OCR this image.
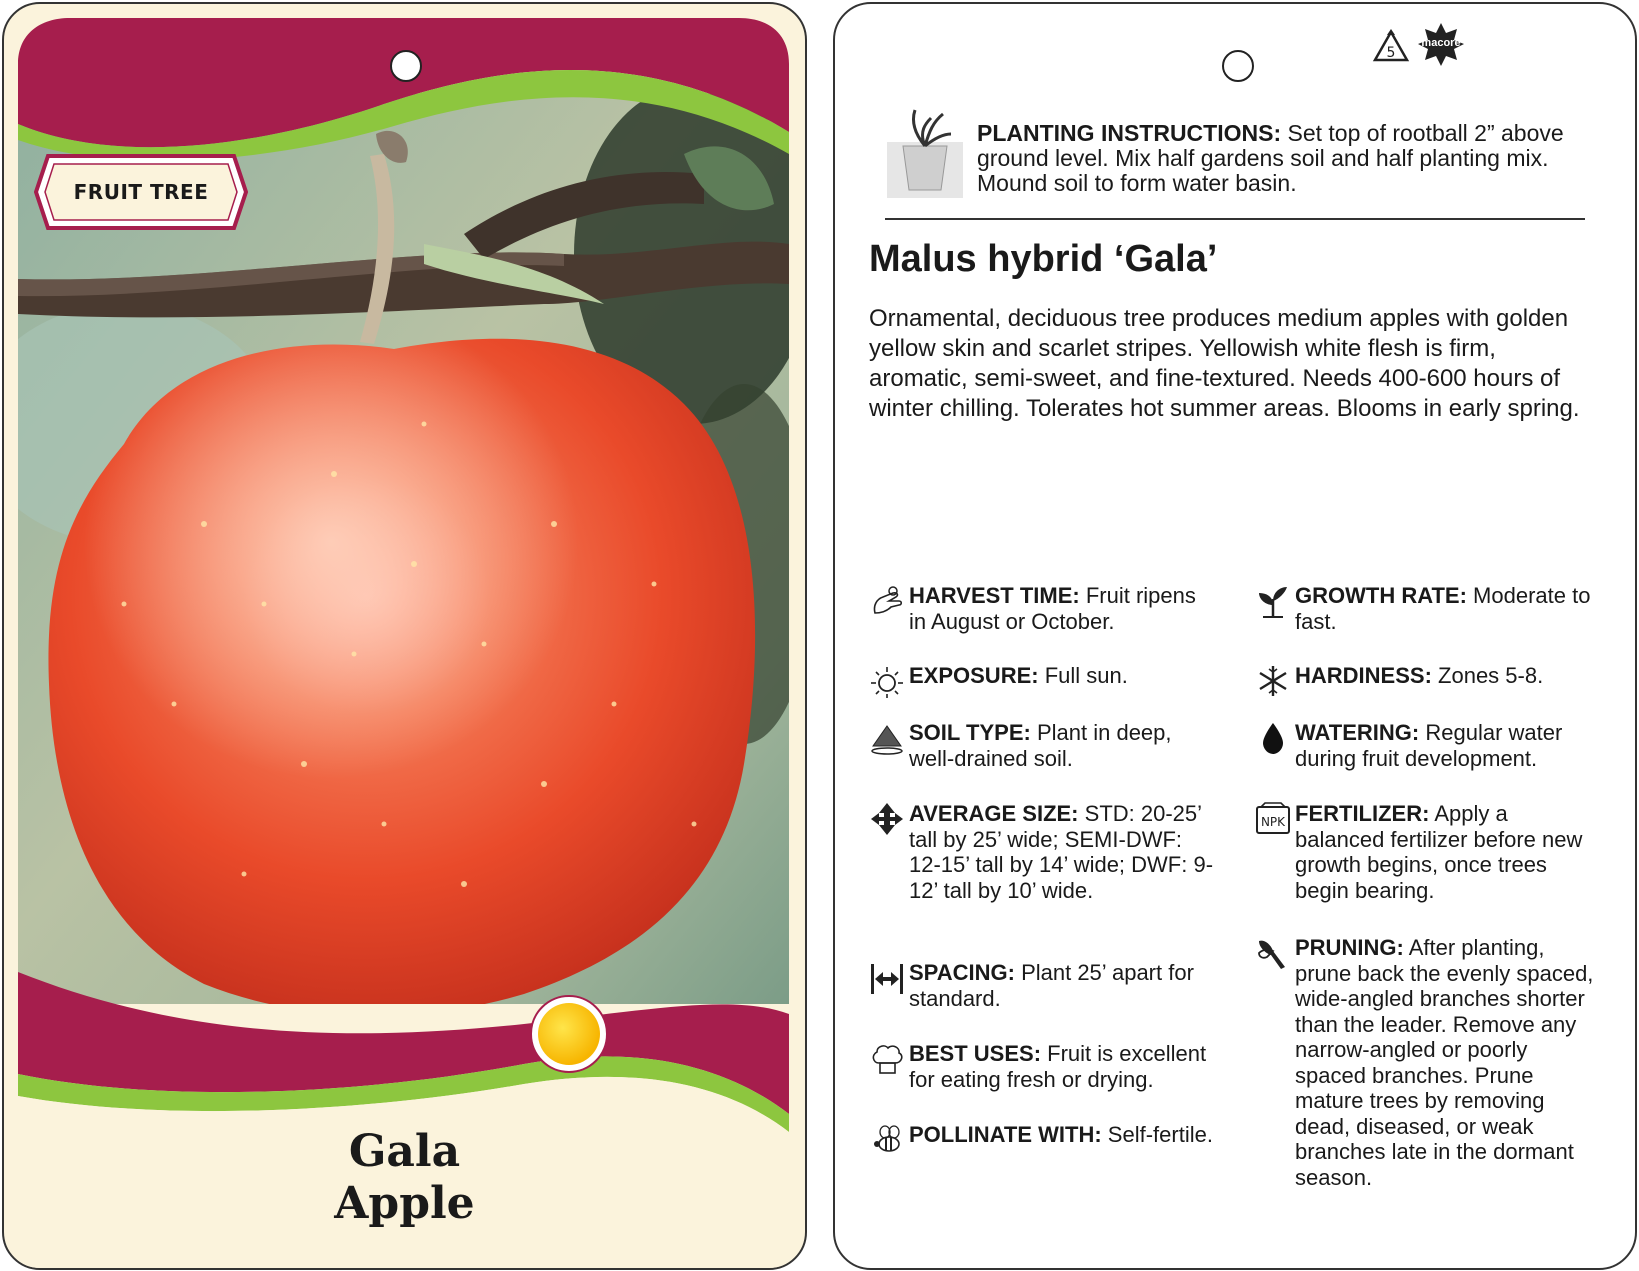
FRUIT TREE
Gala
Apple
5
macore
PLANTING INSTRUCTIONS: Set top of rootball 2” above ground level. Mix half gardens soil and half planting mix. Mound soil to form water basin.
Malus hybrid ‘Gala’
Ornamental, deciduous tree produces medium apples with golden yellow skin and scarlet stripes. Yellowish white flesh is firm, aromatic, semi-sweet, and fine-textured. Needs 400-600 hours of winter chilling. Tolerates hot summer areas. Blooms in early spring.
HARVEST TIME: Fruit ripens in August or October.
EXPOSURE: Full sun.
SOIL TYPE: Plant in deep, well-drained soil.
AVERAGE SIZE: STD: 20-25’ tall by 25’ wide; SEMI-DWF: 12-15’ tall by 14’ wide; DWF: 9-12’ tall by 10’ wide.
SPACING: Plant 25’ apart for standard.
BEST USES: Fruit is excellent for eating fresh or drying.
POLLINATE WITH: Self-fertile.
GROWTH RATE: Moderate to fast.
HARDINESS: Zones 5-8.
WATERING: Regular water during fruit development.
NPK FERTILIZER: Apply a balanced fertilizer before new growth begins, once trees begin bearing.
PRUNING: After planting, prune back the evenly spaced, wide-angled branches shorter than the leader. Remove any narrow-angled or poorly spaced branches. Prune mature trees by removing dead, diseased, or weak branches late in the dormant season.
